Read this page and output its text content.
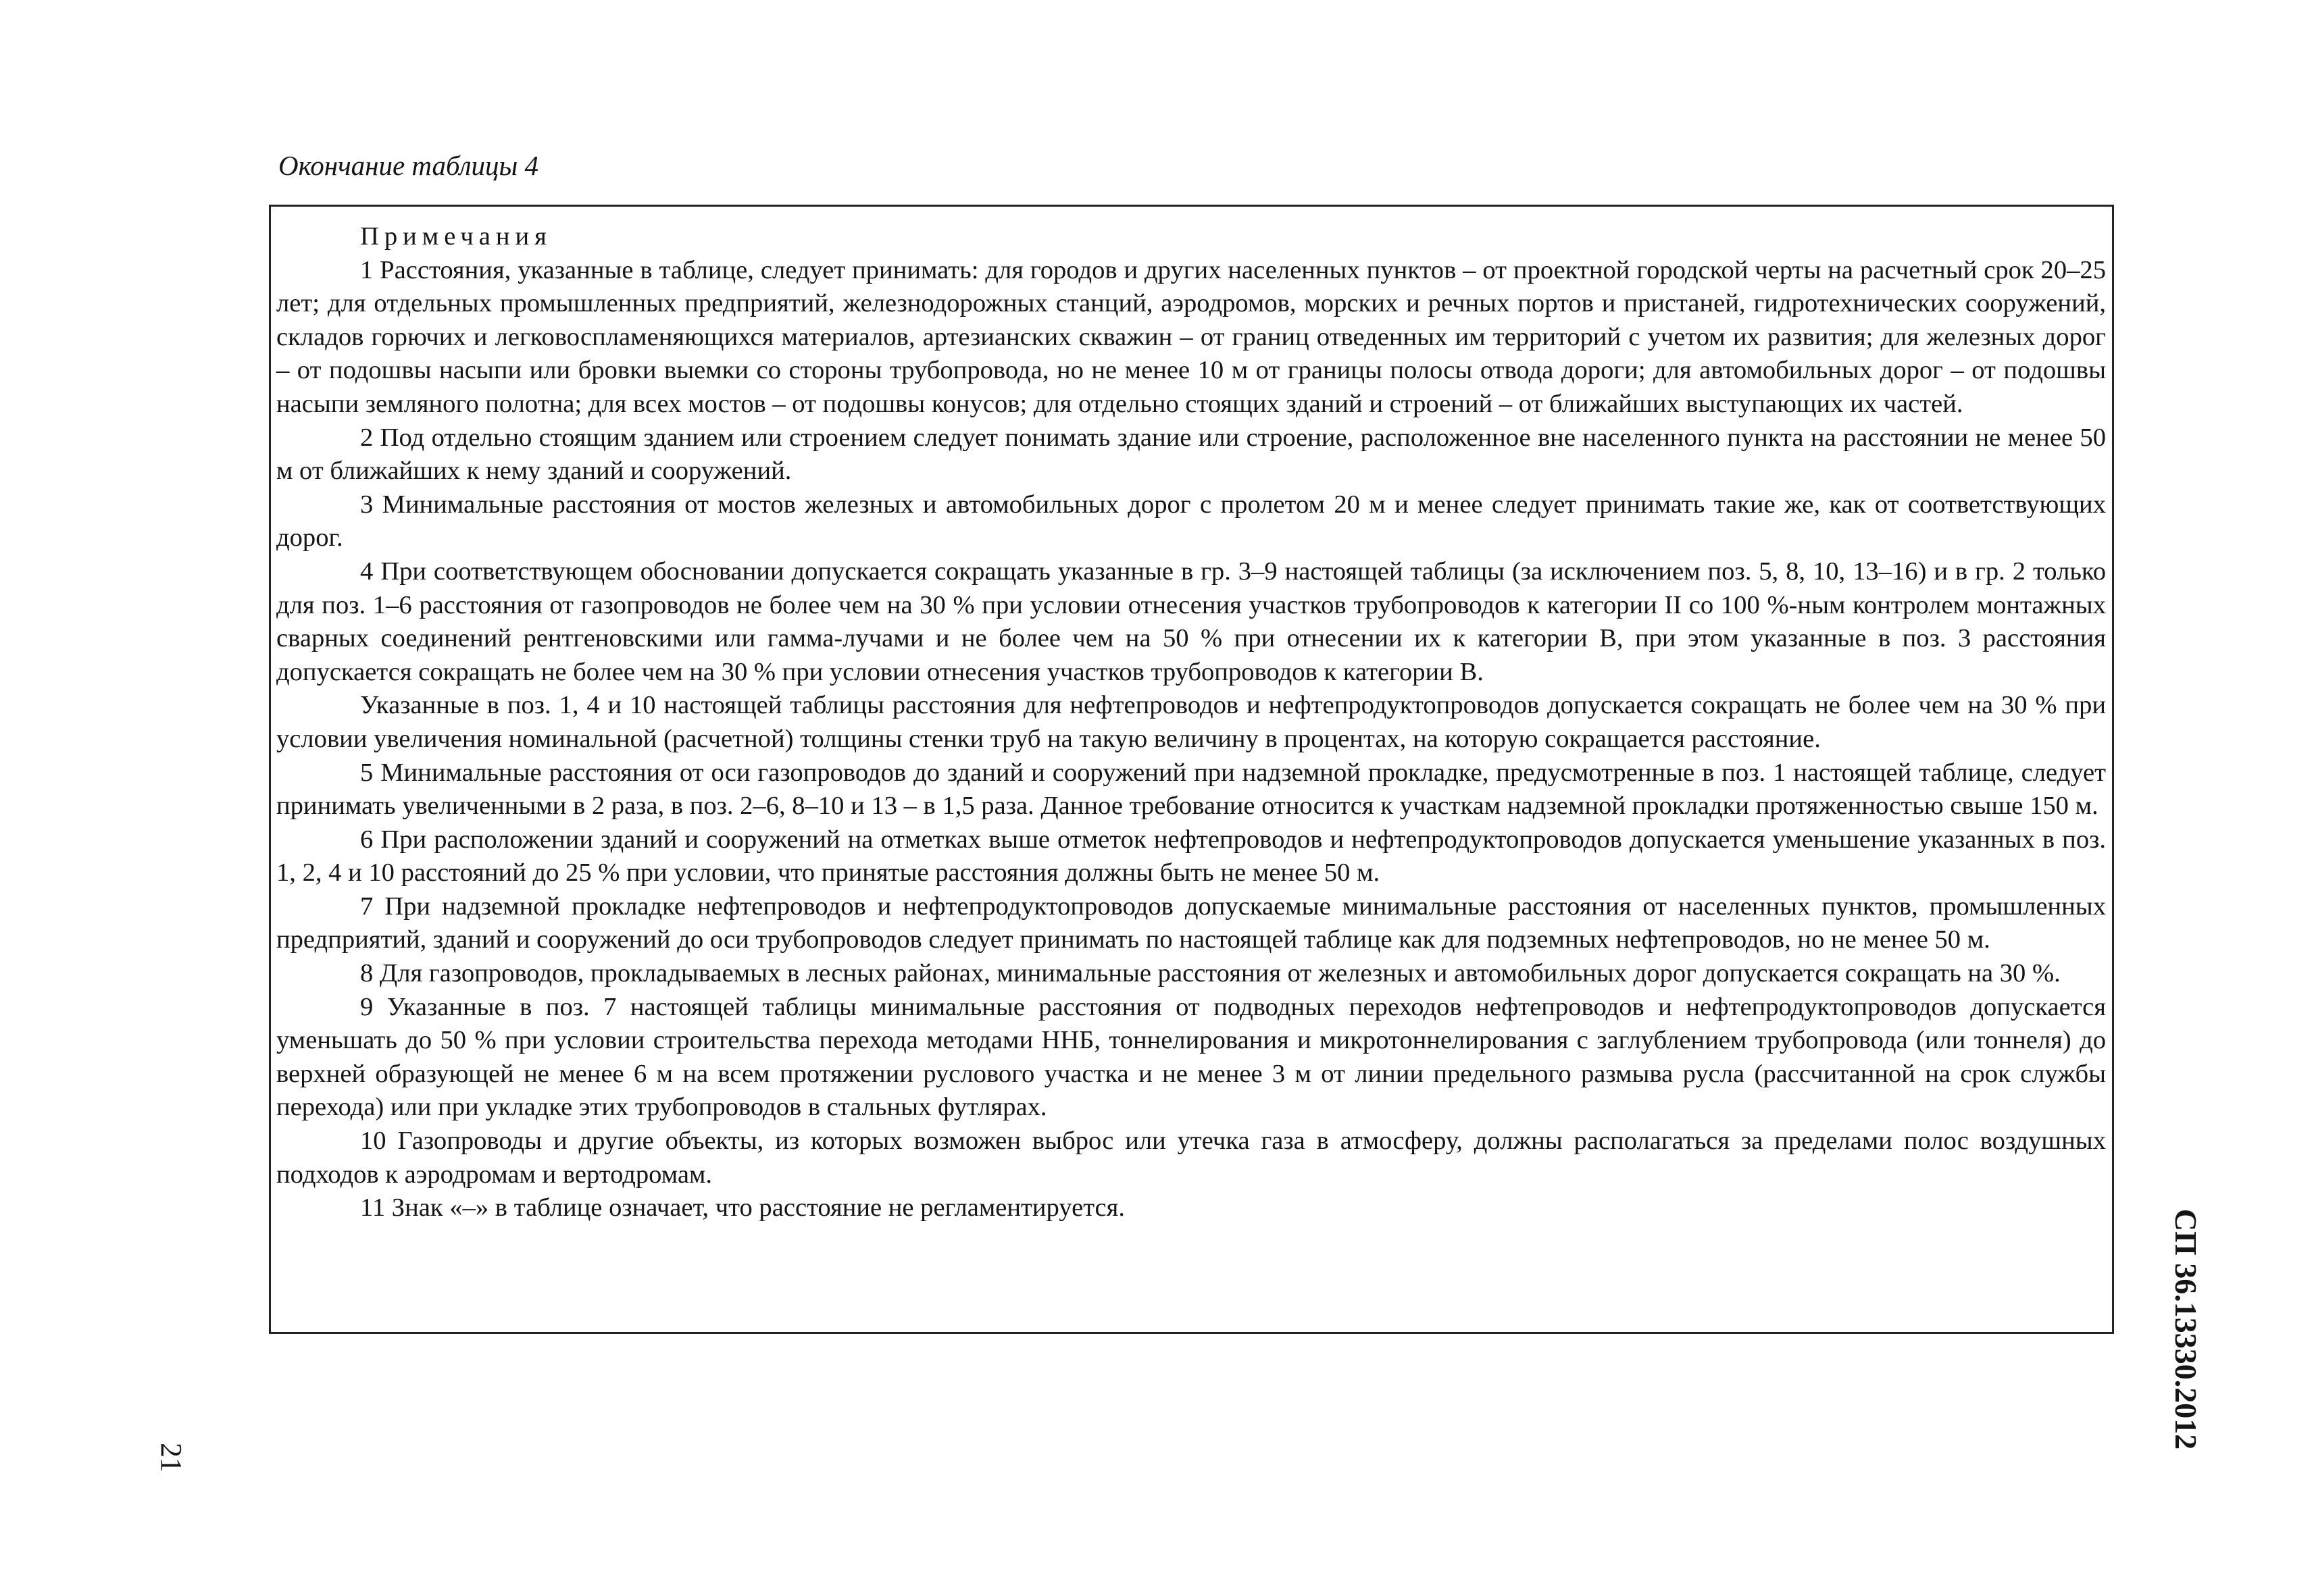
Окончание таблицы 4
Примечания

1 Расстояния, указанные в таблице, следует принимать: для городов и других населенных пунктов – от проектной городской черты на расчетный срок 20–25 лет; для отдельных промышленных предприятий, железнодорожных станций, аэродромов, морских и речных портов и пристаней, гидротехнических сооружений, складов горючих и легковоспламеняющихся материалов, артезианских скважин – от границ отведенных им территорий с учетом их развития; для железных дорог – от подошвы насыпи или бровки выемки со стороны трубопровода, но не менее 10 м от границы полосы отвода дороги; для автомобильных дорог – от подошвы насыпи земляного полотна; для всех мостов – от подошвы конусов; для отдельно стоящих зданий и строений – от ближайших выступающих их частей.

2 Под отдельно стоящим зданием или строением следует понимать здание или строение, расположенное вне населенного пункта на расстоянии не менее 50 м от ближайших к нему зданий и сооружений.

3 Минимальные расстояния от мостов железных и автомобильных дорог с пролетом 20 м и менее следует принимать такие же, как от соответствующих дорог.

4 При соответствующем обосновании допускается сокращать указанные в гр. 3–9 настоящей таблицы (за исключением поз. 5, 8, 10, 13–16) и в гр. 2 только для поз. 1–6 расстояния от газопроводов не более чем на 30 % при условии отнесения участков трубопроводов к категории II со 100 %-ным контролем монтажных сварных соединений рентгеновскими или гамма-лучами и не более чем на 50 % при отнесении их к категории В, при этом указанные в поз. 3 расстояния допускается сокращать не более чем на 30 % при условии отнесения участков трубопроводов к категории В.

Указанные в поз. 1, 4 и 10 настоящей таблицы расстояния для нефтепроводов и нефтепродуктопроводов допускается сокращать не более чем на 30 % при условии увеличения номинальной (расчетной) толщины стенки труб на такую величину в процентах, на которую сокращается расстояние.

5 Минимальные расстояния от оси газопроводов до зданий и сооружений при надземной прокладке, предусмотренные в поз. 1 настоящей таблице, следует принимать увеличенными в 2 раза, в поз. 2–6, 8–10 и 13 – в 1,5 раза. Данное требование относится к участкам надземной прокладки протяженностью свыше 150 м.

6 При расположении зданий и сооружений на отметках выше отметок нефтепроводов и нефтепродуктопроводов допускается уменьшение указанных в поз. 1, 2, 4 и 10 расстояний до 25 % при условии, что принятые расстояния должны быть не менее 50 м.

7 При надземной прокладке нефтепроводов и нефтепродуктопроводов допускаемые минимальные расстояния от населенных пунктов, промышленных предприятий, зданий и сооружений до оси трубопроводов следует принимать по настоящей таблице как для подземных нефтепроводов, но не менее 50 м.

8 Для газопроводов, прокладываемых в лесных районах, минимальные расстояния от железных и автомобильных дорог допускается сокращать на 30 %.

9 Указанные в поз. 7 настоящей таблицы минимальные расстояния от подводных переходов нефтепроводов и нефтепродуктопроводов допускается уменьшать до 50 % при условии строительства перехода методами ННБ, тоннелирования и микротоннелирования с заглублением трубопровода (или тоннеля) до верхней образующей не менее 6 м на всем протяжении руслового участка и не менее 3 м от линии предельного размыва русла (рассчитанной на срок службы перехода) или при укладке этих трубопроводов в стальных футлярах.

10 Газопроводы и другие объекты, из которых возможен выброс или утечка газа в атмосферу, должны располагаться за пределами полос воздушных подходов к аэродромам и вертодромам.

11 Знак «–» в таблице означает, что расстояние не регламентируется.

21
СП 36.13330.2012
